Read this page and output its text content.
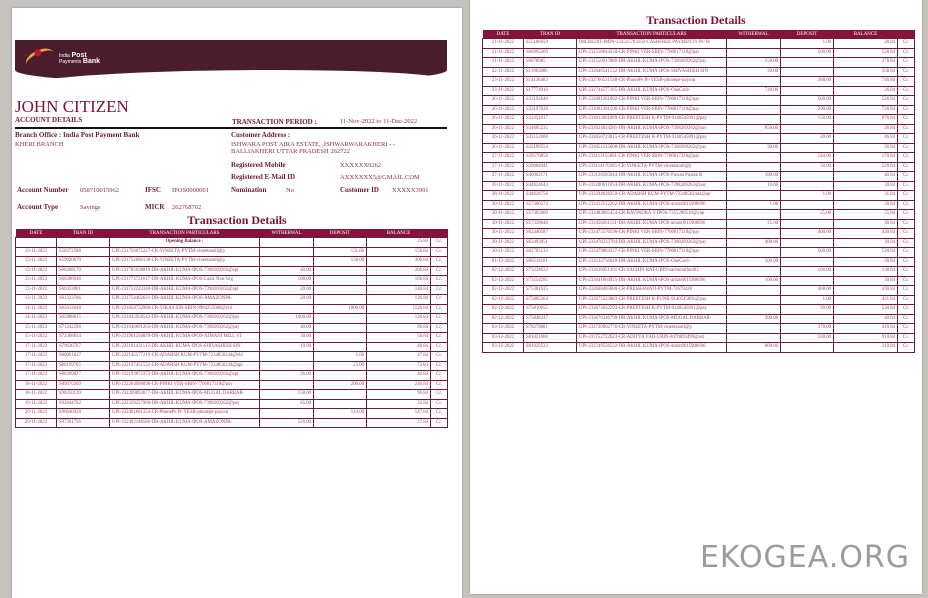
India Post
Payments Bank
JOHN CITIZEN
ACCOUNT DETAILS	TRANSACTION PERIOD :	11-Nov-2022 to 11-Dec-2022
Branch Office : India Post Payment Bank
KHERI BRANCH
Customer Address :
ISHWARA POST AIRA ESTATE, ,ISHWARWARAKHERI - -
BALLIAKHERI UTTAR PRADESH 262722
Registered Mobile	XXXXXX9262
Registered E-Mail ID	AXXXXXX5@GMAIL.COM
Account Number 0587100159​62	IFSC IPOS0000001	Nomination	No	Customer ID XXXXX3991
Account Type	Savings	MICR 262768702
Transaction Details
DATE	TRAN ID	TRANSACTION PARTICULARS	WITHERWAL	DEPOSIT	BALANCE	
		Opening Balance :			25.84	Cr.
13-11-2022	S58372588	UPI-231756675227-CR-VINEETA-PYTM-vineetanull@p		131.00	156.84	Cr.
13-11-2022	S59920679	UPI-231752680138-CR-VINEETA-PYTM-vineetanull@p		150.00	306.84	Cr.
13-11-2022	S60268170	UPI-231705638810-DR-AKHIL KUMA-IPOS-7398269262@apl	40.00		266.84	Cr.
13-11-2022	S60286948	UPI-231772721617-DR-AKHIL KUMA-IPOS-Laziz Non Veg	100.00		166.84	Cr.
13-11-2022	S60433001	UPI-231712243340-DR-AKHIL KUMA-IPOS-7398269262@apl	20.00		146.84	Cr.
13-11-2022	S61333766	UPI-231754402621-DR-AKHIL KUMA-IPOS-AMAZONPA-	20.00		126.84	Cr.
14-11-2022	S65612648	UPI-231858732960-CR-VIKAS SIN-SBIN-9984255000@ybl		1000.00	1126.84	Cr.
14-11-2022	S65888815	UPI-231845958542-DR-AKHIL KUMA-IPOS-7398269262@pay	1000.00		126.84	Cr.
15-11-2022	S71242298	UPI-231946601263-DR-AKHIL KUMA-IPOS-7398269262@pay	40.00		86.84	Cr.
15-11-2022	S72368834	UPI-231961356839-DR-AKHIL KUMA-IPOS-AJMANI MILL ST	30.00		56.84	Cr.
17-11-2022	S79636767	UPI-232161431112-DR-AKHIL KUMA-IPOS-SHIVASHISH SIN	10.00		46.84	Cr.
17-11-2022	S80061817	UPI-232145577219-CR-ADARSH KUM-PYTM-7234856244@ybl		1.00	47.84	Cr.
17-11-2022	S80199765	UPI-232197451552-CR-ADARSH KUM-PYTM-7234856244@apl		25.00	72.84	Cr.
17-11-2022	S80209827	UPI-232193872372-DR-AKHIL KUMA-IPOS-7398269262@apl	26.00		46.84	Cr.
18-11-2022	S89970269	UPI-232264908898-CR-PINKI VER-SBIN-7706817318@pay		200.00	246.84	Cr.
18-11-2022	S90250139	UPI-232269893077-DR-AKHIL KUMA-IPOS-MUGAL DARBAR-	150.00		96.84	Cr.
19-11-2022	S92644702	UPI-232329257960-DR-AKHIL KUMA-IPOS-7398269262@pay	65.00		33.84	Cr.
20-11-2022	S96646928	UPI-232461601354-CR-PhonePe Pr-YESB-phonepe-payout		514.00	547.84	Cr.
20-11-2022	S97261756	UPI-232492148586-DR-AKHIL KUMA-IPOS-AMAZONPA-	520.00		27.84	Cr.
Transaction Details
DATE	TRAN ID	TRANSACTION PARTICULARS	WITHERWAL	DEPOSIT	BALANCE	
21-11-2022	S55186659	IMCREDIT-IMPS-232515703250-CASHFREE PAYMENTS IN-Ye		1.00	28.84	Cr.
21-11-2022	S66995269	UPI-232558644350-CR-PINKI VER-SBIN-7706817318@pay		500.00	528.84	Cr.
21-11-2022	S6878985	UPI-232550917880-DR-AKHIL KUMA-IPOS-7398269262@pay	150.00		378.84	Cr.
22-11-2022	S11983886	UPI-232646541532-DR-AKHIL KUMA-IPOS-SHIVASHISH SIN	20.00		358.84	Cr.
23-11-2022	S14136483	UPI-232766531548-CR-PhonePe Pr-YESB-phonepe-payout		388.00	746.84	Cr.
23-11-2022	S17774916	UPI-232744577185-DR-AKHIL KUMA-IPOS-OneCard-	720.00		26.84	Cr.
26-11-2022	S33192646	UPI-233001261092-CR-PINKI VER-SBIN-7706817318@pay		500.00	526.84	Cr.
26-11-2022	S33197038	UPI-233001301506-CR-PINKI VER-SBIN-7706817318@pay		200.00	726.84	Cr.
26-11-2022	S33351017	UPI-233012661089-CR-PREETESH K-PYTM-9140545891@pay		150.00	876.84	Cr.
26-11-2022	S34605235	UPI-233024814281-DR-AKHIL KUMA-IPOS-7398269262@pay	850.00		26.84	Cr.
26-11-2022	S35152600	UPI-233050723815-CR-PREETESH K-PYTM-9140545891@pay		20.00	46.84	Cr.
26-11-2022	S35199554	UPI-233051215600-DR-AKHIL KUMA-IPOS-7398269262@pay	20.00		26.84	Cr.
27-11-2022	S39570858	UPI-233113155601-CR-PINKI VER-SBIN-7706817318@pay		144.00	170.84	Cr.
27-11-2022	S39664941	UPI-233114170285-CR-VINEETA-PYTM-vineetanull@p		50.00	220.84	Cr.
27-11-2022	S40062171	UPI-233128585044-DR-AKHIL KUMA-IPOS-Pawan Pustak B	180.00		40.84	Cr.
28-11-2022	S44624643	UPI-233200611054-DR-AKHIL KUMA-IPOS-7398269262@pay	10.00		30.84	Cr.
28-11-2022	S44628756	UPI-233294028259-CR-ADARSH KUM-PYTM-7234856244a@ap		1.00	31.84	Cr.
30-11-2022	S57300574	UPI-233412512262-DR-AKHIL KUMA-IPOS-amzn0015908696	1.00		30.84	Cr.
30-11-2022	S57305060	UPI-233483665454-CR-RAVINDRA V-IPOS-7355288510@yap		25.00	55.84	Cr.
30-11-2022	S57339646	UPI-233458261131-DR-AKHIL KUMA-IPOS-amzn0015908696	25.00		30.84	Cr.
30-11-2022	S62440587	UPI-233475570596-CR-PINKI VER-SBIN-7706817318@pay		400.00	430.84	Cr.
30-11-2022	S62493851	UPI-233476233784-DR-AKHIL KUMA-IPOS-7398269262@pay	400.00		30.84	Cr.
30-11-2022	S62705132	UPI-233479864337-CR-PINKI VER-SBIN-7706817318@pay		500.00	530.84	Cr.
01-12-2022	S66514101	UPI-233532756649-DR-AKHIL KUMA-IPOS-OneCard-	500.00		30.84	Cr.
02-12-2022	S73234622	UPI-233636951301-CR-SACHIN RAT-UBIN-sachinrathod92		100.00	130.84	Cr.
02-12-2022	S73554295	UPI-233641664925-DR-AKHIL KUMA-IPOS-amzn0015908696	100.00		30.84	Cr.
02-12-2022	S75381935	UPI-233668465680-CR-PRESHAWATI-PYTM-72679428		400.00	430.84	Cr.
02-12-2022	S75805264	UPI-233675523883-CR-PREETESH K-PUNB-9140545891@pay		1.00	431.84	Cr.
02-12-2022	S75810655	UPI-233675632293-CR-PREETESH K-PYTM-9140545891@pay		99.00	530.84	Cr.
02-12-2022	S75848247	UPI-233676346799-DR-AKHIL KUMA-IPOS-MUGAL DARBAR-	490.00		40.84	Cr.
03-12-2022	S78278081	UPI-233720962776-CR-VINEETA-PYTM-vineetanull@p		370.00	410.84	Cr.
03-12-2022	S81021006	UPI-233752722623-CR-ADITYA YAD-UBIN-8470893499@axl		500.00	910.84	Cr.
03-12-2022	S81029533	UPI-233749556522-DR-AKHIL KUMA-IPOS-amzn0015908696	600.00		310.84	Cr.
EKOGEA.ORG
